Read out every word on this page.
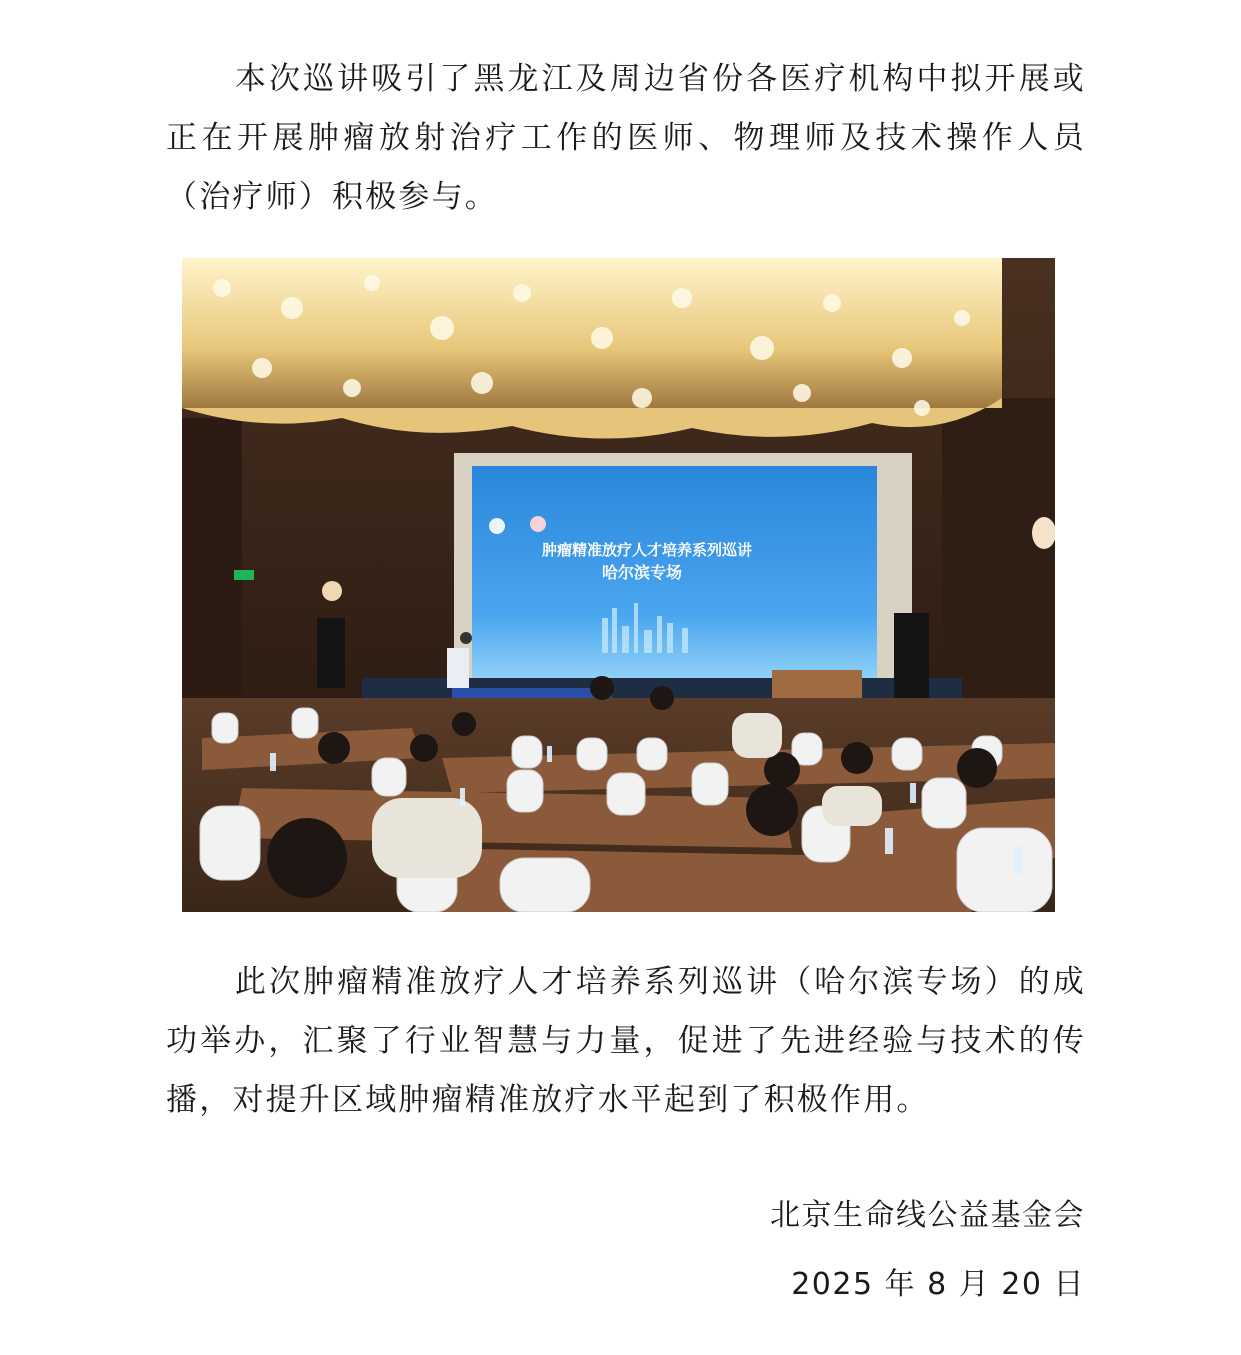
本次巡讲吸引了黑龙江及周边省份各医疗机构中拟开展或正在开展肿瘤放射治疗工作的医师、物理师及技术操作人员（治疗师）积极参与。

肿瘤精准放疗人才培养系列巡讲
哈尔滨专场

此次肿瘤精准放疗人才培养系列巡讲（哈尔滨专场）的成功举办，汇聚了行业智慧与力量，促进了先进经验与技术的传播，对提升区域肿瘤精准放疗水平起到了积极作用。

北京生命线公益基金会

2025 年 8 月 20 日
